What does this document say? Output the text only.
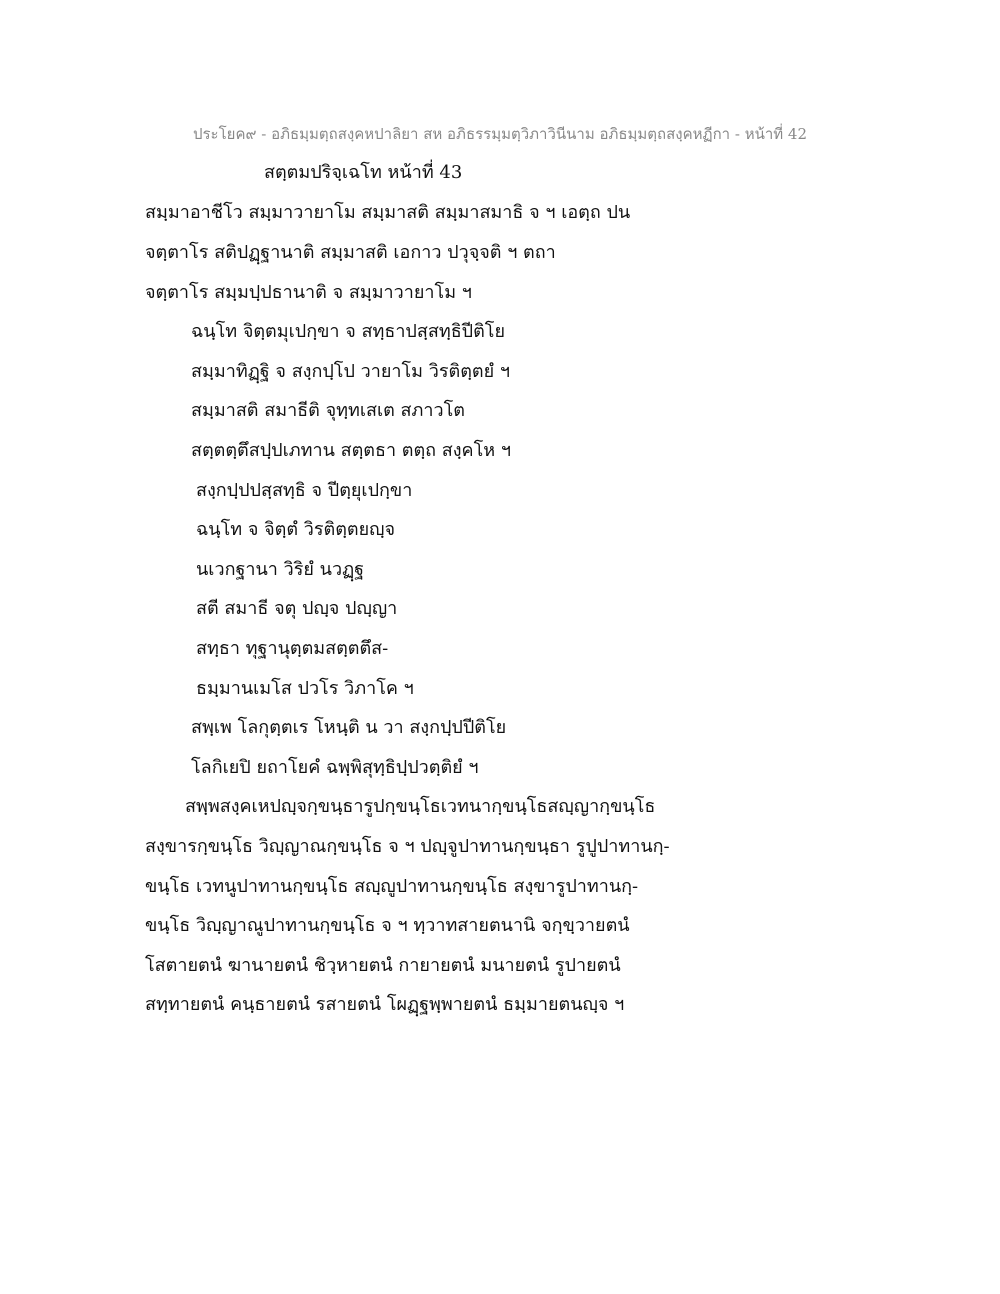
ประโยค๙ - อภิธมฺมตฺถสงฺคหปาลิยา สห อภิธรรมฺมตฺวิภาวินีนาม อภิธมฺมตฺถสงฺคหฏีกา - หน้าที่ 42
สตฺตมปริจฺเฉโท หน้าที่ 43
สมฺมาอาชีโว สมฺมาวายาโม สมฺมาสติ สมฺมาสมาธิ จ ฯ เอตฺถ ปน
จตฺตาโร สติปฏฺฐานาติ สมฺมาสติ เอกาว ปวุจฺจติ ฯ ตถา
จตฺตาโร สมฺมปฺปธานาติ จ สมฺมาวายาโม ฯ
ฉนฺโท จิตฺตมุเปกฺขา จ สทฺธาปสฺสทฺธิปีติโย
สมฺมาทิฏฺฐิ จ สงฺกปฺโป วายาโม วิรติตฺตยํ ฯ
สมฺมาสติ สมาธีติ จุทฺทเสเต สภาวโต
สตฺตตฺตึสปฺปเภทาน สตฺตธา ตตฺถ สงฺคโห ฯ
สงฺกปฺปปสฺสทฺธิ จ ปีตฺยุเปกฺขา
ฉนฺโท จ จิตฺตํ วิรติตฺตยญฺจ
นเวกฐานา วิริยํ นวฏฺฐ
สตี สมาธี จตุ ปญฺจ ปญฺญา
สทฺธา ทุฐานุตฺตมสตฺตตึส-
ธมฺมานเมโส ปวโร วิภาโค ฯ
สพฺเพ โลกุตฺตเร โหนฺติ น วา สงฺกปฺปปีติโย
โลกิเยปิ ยถาโยคํ ฉพฺพิสุทฺธิปฺปวตฺติยํ ฯ
สพฺพสงฺคเหปญฺจกฺขนฺธารูปกฺขนฺโธเวทนากฺขนฺโธสญฺญากฺขนฺโธ
สงฺขารกฺขนฺโธ วิญฺญาณกฺขนฺโธ จ ฯ ปญฺจูปาทานกฺขนฺธา รูปูปาทานกฺ-
ขนฺโธ เวทนูปาทานกฺขนฺโธ สญฺญูปาทานกฺขนฺโธ สงฺขารูปาทานกฺ-
ขนฺโธ วิญฺญาณูปาทานกฺขนฺโธ จ ฯ ทฺวาทสายตนานิ จกฺขฺวายตนํ
โสตายตนํ ฆานายตนํ ชิวฺหายตนํ กายายตนํ มนายตนํ รูปายตนํ
สทฺทายตนํ คนฺธายตนํ รสายตนํ โผฏฺฐพฺพายตนํ ธมฺมายตนญฺจ ฯ
